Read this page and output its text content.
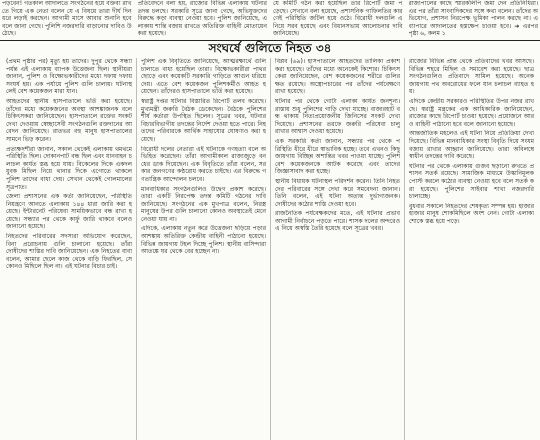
পড়বেন! গতকাল আদালতে সংগঠনের হয়ে বক্তব্য রাখতে গিয়ে এক নেতা বলেন যে এ বিষয়ে তারা দীর্ঘ দিন ধরে লড়াই করছেন। আগামী মাসে আবার শুনানি হবে বলে জানা গেছে। পুলিশি নজরদারি বাড়ানোর দাবিও উঠেছে।

প্রতিবেদনে বলা হয়, রাজ্যের বিভিন্ন এলাকায় ঘটনার তদন্ত চলছে। সরকারি সূত্রে জানা গেছে, অভিযুক্তদের বিরুদ্ধে কড়া ব্যবস্থা নেওয়া হবে। পুলিশ জানিয়েছে, এলাকায় শান্তি বজায় রাখতে অতিরিক্ত বাহিনী মোতায়েন করা হয়েছে।

যে কমিটি গঠন করা হয়েছিল তার রিপোর্ট জমা পড়েছে। সেখানে বলা হয়েছে, প্রশাসনিক গাফিলতির কারণেই পরিস্থিতি জটিল হয়ে ওঠে। বিরোধী দলগুলি এ নিয়ে সরব হয়েছে এবং বিধানসভায় আলোচনার দাবি জানিয়েছে।

রাজ্যপালের কাছে স্মারকলিপি জমা দেন প্রতিনিধিরা। এর পর তাঁরা সাংবাদিকদের সঙ্গে কথা বলেন। তাঁদের অভিযোগ, প্রশাসন নিরপেক্ষ ভূমিকা পালন করছে না। এ ব্যাপারে আদালতের হস্তক্ষেপ চাওয়া হবে। ➔ এরপর পৃষ্ঠা ৬, কলম ১

সংঘর্ষে গুলিতে নিহত ৩৪

(প্রথম পৃষ্ঠার পর) মৃত্যু হয় তাদের। দুপুর থেকে সন্ধ্যা পর্যন্ত এই এলাকায় ব্যাপক উত্তেজনা ছিল। স্থানীয়রা জানান, পুলিশ ও বিক্ষোভকারীদের মধ্যে দফায় দফায় সংঘর্ষ হয়। এক পর্যায়ে পুলিশ গুলি চালায়। ঘটনাস্থলেই বেশ কয়েকজন মারা যান।

আহতদের স্থানীয় হাসপাতালে ভর্তি করা হয়েছে। তাঁদের মধ্যে কয়েকজনের অবস্থা আশঙ্কাজনক বলে চিকিৎসকরা জানিয়েছেন। হাসপাতালে রক্তের সংকট দেখা দেওয়ায় স্বেচ্ছাসেবী সংগঠনগুলি রক্তদানের আবেদন জানিয়েছে। রাতভর বহু মানুষ হাসপাতালের সামনে ভিড় করেন।

প্রত্যক্ষদর্শীরা জানান, সকাল থেকেই এলাকায় থমথমে পরিস্থিতি ছিল। দোকানপাট বন্ধ ছিল এবং যানবাহন চলাচল কার্যত স্তব্ধ হয়ে যায়। বিকেলের দিকে একদল যুবক মিছিল নিয়ে থানার দিকে এগোতে থাকলে পুলিশ তাদের বাধা দেয়। সেখান থেকেই গোলমালের সূত্রপাত।

জেলা প্রশাসনের এক কর্তা জানিয়েছেন, পরিস্থিতি নিয়ন্ত্রণে আনতে এলাকায় ১৪৪ ধারা জারি করা হয়েছে। ইন্টারনেট পরিষেবা সাময়িকভাবে বন্ধ রাখা হয়েছে। সন্ধ্যার পর থেকে কার্ফু জারি থাকবে বলেও জানানো হয়েছে।

নিহতদের পরিবারের সদস্যরা অভিযোগ করেছেন, বিনা প্ররোচনায় গুলি চালানো হয়েছে। তাঁরা দোষীদের শাস্তির দাবি জানিয়েছেন। এক নিহতের বাবা বলেন, আমার ছেলে কাজ থেকে বাড়ি ফিরছিল, সে কোনও মিছিলে ছিল না। এই ঘটনার বিচার চাই।

পুলিশ এক বিবৃতিতে জানিয়েছে, আত্মরক্ষার্থে গুলি চালাতে বাধ্য হয়েছিল তারা। বিক্ষোভকারীরা পাথর ছোড়ে এবং কয়েকটি সরকারি গাড়িতে আগুন ধরিয়ে দেয়। এতে বেশ কয়েকজন পুলিশকর্মীও আহত হয়েছেন। তাঁদেরও হাসপাতালে ভর্তি করা হয়েছে।

স্বরাষ্ট্র দপ্তর ঘটনার বিস্তারিত রিপোর্ট তলব করেছে। মুখ্যমন্ত্রী জরুরি বৈঠক ডেকেছেন। বৈঠকে পুলিশের শীর্ষ কর্তারা উপস্থিত ছিলেন। সূত্রের খবর, ঘটনার বিচারবিভাগীয় তদন্তের নির্দেশ দেওয়া হতে পারে। নিহতদের পরিবারকে আর্থিক সাহায্যের ঘোষণাও করা হয়েছে।

বিরোধী দলের নেতারা এই ঘটনাকে গণহত্যা বলে অভিহিত করেছেন। তাঁরা আগামীকাল রাজ্যজুড়ে বনধের ডাক দিয়েছেন। এক বিবৃতিতে তাঁরা বলেন, সরকার জনগণের কণ্ঠরোধ করতে চাইছে। এর বিরুদ্ধে গণতান্ত্রিক আন্দোলন চলবে।

মানবাধিকার সংগঠনগুলিও উদ্বেগ প্রকাশ করেছে। তারা একটি নিরপেক্ষ তদন্ত কমিটি গঠনের দাবি জানিয়েছে। সংগঠনের এক মুখপাত্র বলেন, নিরস্ত্র মানুষের উপর গুলি চালানো কোনও অবস্থাতেই মেনে নেওয়া যায় না।

এদিকে, এলাকায় নতুন করে উত্তেজনা ছড়িয়ে পড়ার আশঙ্কায় অতিরিক্ত কেন্দ্রীয় বাহিনী পাঠানো হয়েছে। বিভিন্ন জায়গায় টহল দিচ্ছে পুলিশ। স্থানীয় বাসিন্দারা আতঙ্কে ঘর থেকে বের হচ্ছেন না।

বিপ্লব (৬৯)। হাসপাতালে আহতদের তালিকা প্রকাশ করা হয়েছে। তাঁদের মধ্যে অনেকেই কিশোর। চিকিৎসকেরা জানিয়েছেন, বেশ কয়েকজনের শরীরে গুলির ক্ষত রয়েছে। অস্ত্রোপচারের পর তাঁদের পর্যবেক্ষণে রাখা হয়েছে।

ঘটনার পর থেকে গোটা এলাকা কার্যত জনশূন্য। রাস্তায় শুধু পুলিশের গাড়ি দেখা যাচ্ছে। বাজারহাট বন্ধ থাকায় নিত্যপ্রয়োজনীয় জিনিসের সংকট দেখা দিয়েছে। প্রশাসনের তরফে জরুরি পরিষেবা চালু রাখার আশ্বাস দেওয়া হয়েছে।

এক সরকারি কর্তা জানান, সন্ধ্যার পর থেকে পরিস্থিতি ধীরে ধীরে স্বাভাবিক হচ্ছে। তবে এখনও কিছু জায়গায় বিচ্ছিন্ন অশান্তির খবর পাওয়া যাচ্ছে। পুলিশ বেশ কয়েকজনকে আটক করেছে এবং তাদের জিজ্ঞাসাবাদ করা হচ্ছে।

স্থানীয় বিধায়ক ঘটনাস্থল পরিদর্শন করেন। তিনি নিহতদের পরিবারের সঙ্গে দেখা করে সমবেদনা জানান। তিনি বলেন, এই ঘটনা অত্যন্ত দুর্ভাগ্যজনক। দোষীদের কঠোর শাস্তি দেওয়া হবে।

রাজনৈতিক পর্যবেক্ষকদের মতে, এই ঘটনার প্রভাব আগামী নির্বাচনে পড়তে পারে। শাসক দলের অন্দরেও এ নিয়ে অস্বস্তি তৈরি হয়েছে বলে সূত্রের খবর।

রাজ্যের বিভিন্ন প্রান্ত থেকে প্রতিবাদের খবর আসছে। বিভিন্ন শহরে মিছিল ও সমাবেশ করা হয়েছে। ছাত্র সংগঠনগুলিও প্রতিবাদে সামিল হয়েছে। অনেক জায়গায় পথ অবরোধের ফলে যান চলাচল ব্যাহত হয়।

এদিকে কেন্দ্রীয় সরকারও পরিস্থিতির উপর নজর রাখছে। স্বরাষ্ট্র মন্ত্রকের এক আধিকারিক জানিয়েছেন, রাজ্যের কাছে রিপোর্ট চাওয়া হয়েছে। প্রয়োজনে আরও বাহিনী পাঠানো হবে বলে জানানো হয়েছে।

আন্তর্জাতিক মহলেও এই ঘটনা নিয়ে প্রতিক্রিয়া দেখা দিয়েছে। বিভিন্ন মানবাধিকার সংস্থা বিবৃতি দিয়ে সংযম বজায় রাখার আহ্বান জানিয়েছে। তারা অবিলম্বে স্বাধীন তদন্তের দাবি করেছে।

ঘটনার পর থেকে এলাকায় গুজব ছড়ানো রুখতে প্রশাসন সতর্ক রয়েছে। সামাজিক মাধ্যমে উস্কানিমূলক পোস্ট করলে কঠোর ব্যবস্থা নেওয়া হবে বলে সতর্ক করা হয়েছে। পুলিশের সাইবার শাখা নজরদারি চালাচ্ছে।

বুধবার সকালে নিহতদের শেষকৃত্য সম্পন্ন হয়। হাজার হাজার মানুষ শোকমিছিলে অংশ নেন। গোটা এলাকা শোকে স্তব্ধ হয়ে পড়ে।
